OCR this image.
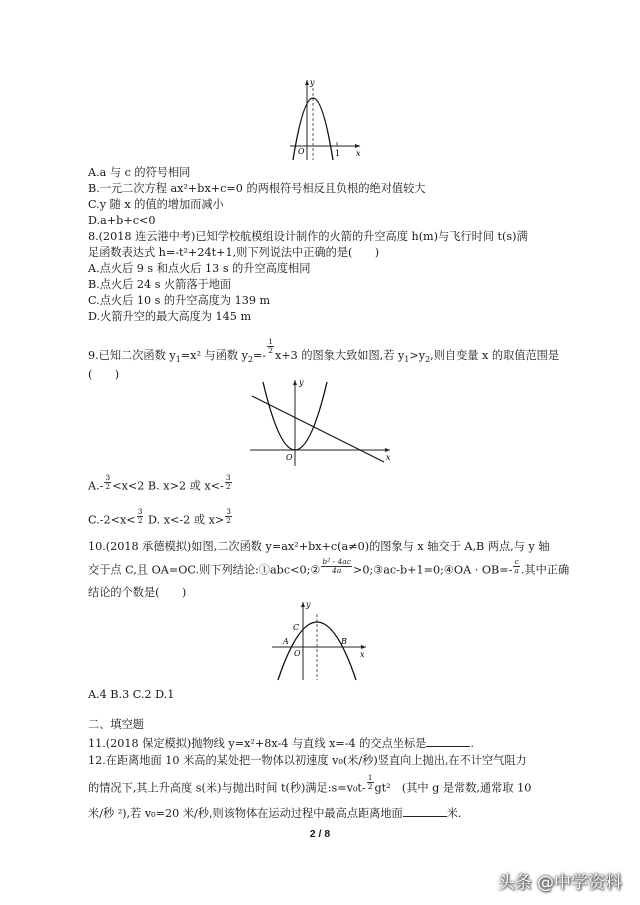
y
x
O	1
A.a 与 c 的符号相同
B.一元二次方程 ax²+bx+c=0 的两根符号相反且负根的绝对值较大
C.y 随 x 的值的增加而减小
D.a+b+c<0
8.(2018 连云港中考)已知学校航模组设计制作的火箭的升空高度 h(m)与飞行时间 t(s)满
足函数表达式 h=-t²+24t+1,则下列说法中正确的是(　　)
A.点火后 9 s 和点火后 13 s 的升空高度相同
B.点火后 24 s 火箭落于地面
C.点火后 10 s 的升空高度为 139 m
D.火箭升空的最大高度为 145 m
9.已知二次函数 $y_1=x^2$ 与函数 $y_2=-$
$\frac{1}{2}$
x+3 的图象大致如图,若 $y_1>y_2$,则自变量 x 的取值范围是
(　　)
y
x
O
$A.- \frac{3}{2} <x<2$ B. x>2 或 $x<- \frac{3}{2}$
$C.-2<x< \frac{3}{2} D$. x<-2 或 $x> \frac{3}{2}$
10.(2018 承德模拟)如图,二次函数 y=ax²+bx+c(a≠0)的图象与 x 轴交于 A,B 两点,与 y 轴
交于点 C,且 OA=OC.则下列结论:①abc<0;② $\frac{\text{b² - 4ac}}{4a}$ >0;③ac-b+1=0;④OA · $OB=- \frac{c}{a}$ .其中正确
结论的个数是(　　)
y
x
O
A	B
C
A.4 B.3 C.2 D.1
二、填空题
11.(2018 保定模拟)抛物线 y=x²+8x-4 与直线 x=-4 的交点坐标是	.
12.在距离地面 10 米高的某处把一物体以初速度 v₀(米/秒)竖直向上抛出,在不计空气阻力
的情况下,其上升高度 s(米)与抛出时间 t(秒)满足:s=v₀t- $\frac{1}{2} gt^2$　(其中 g 是常数,通常取 10
米/秒 ²),若 v₀=20 米/秒,则该物体在运动过程中最高点距离地面	米.
2 / 8
头条 @中学资料
